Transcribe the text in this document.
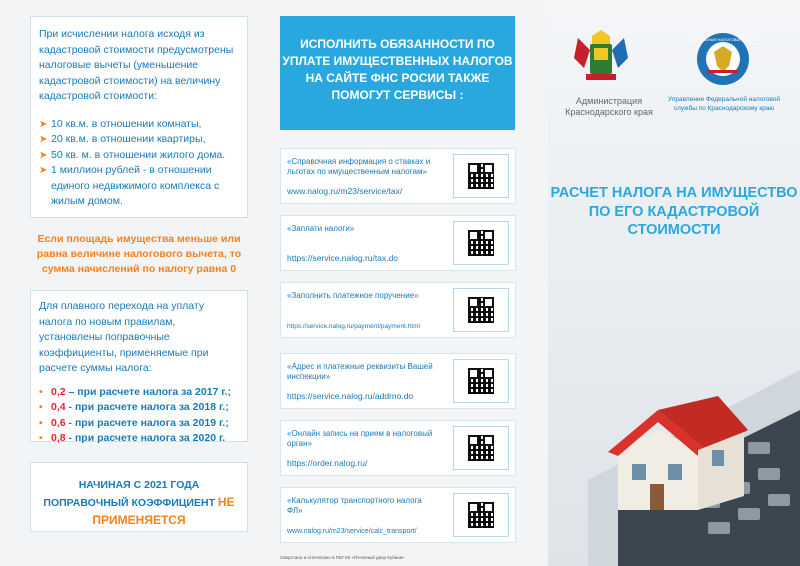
При исчислении налога исходя из кадастровой стоимости предусмотрены налоговые вычеты (уменьшение кадастровой стоимости) на величину кадастровой стоимости:
➤ 10 кв.м. в отношении комнаты,
➤ 20 кв.м. в отношении квартиры,
➤ 50 кв. м. в отношении жилого дома.
➤ 1 миллион рублей - в отношении единого недвижимого комплекса с жилым домом.
Если площадь имущества меньше или равна величине налогового вычета, то сумма начислений по налогу равна 0
Для плавного перехода на уплату налога по новым правилам, установлены поправочные коэффициенты, применяемые при расчете суммы налога:
• 0,2 – при расчете налога за 2017 г.;
• 0,4 - при расчете налога за 2018 г.;
• 0,6 - при расчете налога за 2019 г.;
• 0,8 - при расчете налога за 2020 г.
НАЧИНАЯ С 2021 ГОДА ПОПРАВОЧНЫЙ КОЭФФИЦИЕНТ НЕ ПРИМЕНЯЕТСЯ
ИСПОЛНИТЬ ОБЯЗАННОСТИ ПО УПЛАТЕ ИМУЩЕСТВЕННЫХ НАЛОГОВ НА САЙТЕ ФНС РОСИИ ТАКЖЕ ПОМОГУТ СЕРВИСЫ :
«Справочная информация о ставках и льготах по имущественным налогам»
www.nalog.ru/m23/service/tax/
«Заплати налоги»
https://service.nalog.ru/tax.do
«Заполнить платежное поручение»
https://service.nalog.ru/payment/payment.html
«Адрес и платежные реквизиты Вашей инспекции»
https://service.nalog.ru/addrno.do
«Онлайн запись на прием в налоговый орган»
https://order.nalog.ru/
«Калькулятор транспортного налога ФЛ»
www.nalog.ru/m23/service/calc_transport/
Сверстано и отпечатано в ГБУ КК «Печатный двор Кубани»
Администрация Краснодарского края
ФЕДЕРАЛЬНАЯ НАЛОГОВАЯ СЛУЖБА
Управление Федеральной налоговой службы по Краснодарскому краю
РАСЧЕТ НАЛОГА НА ИМУЩЕСТВО ПО ЕГО КАДАСТРОВОЙ СТОИМОСТИ
